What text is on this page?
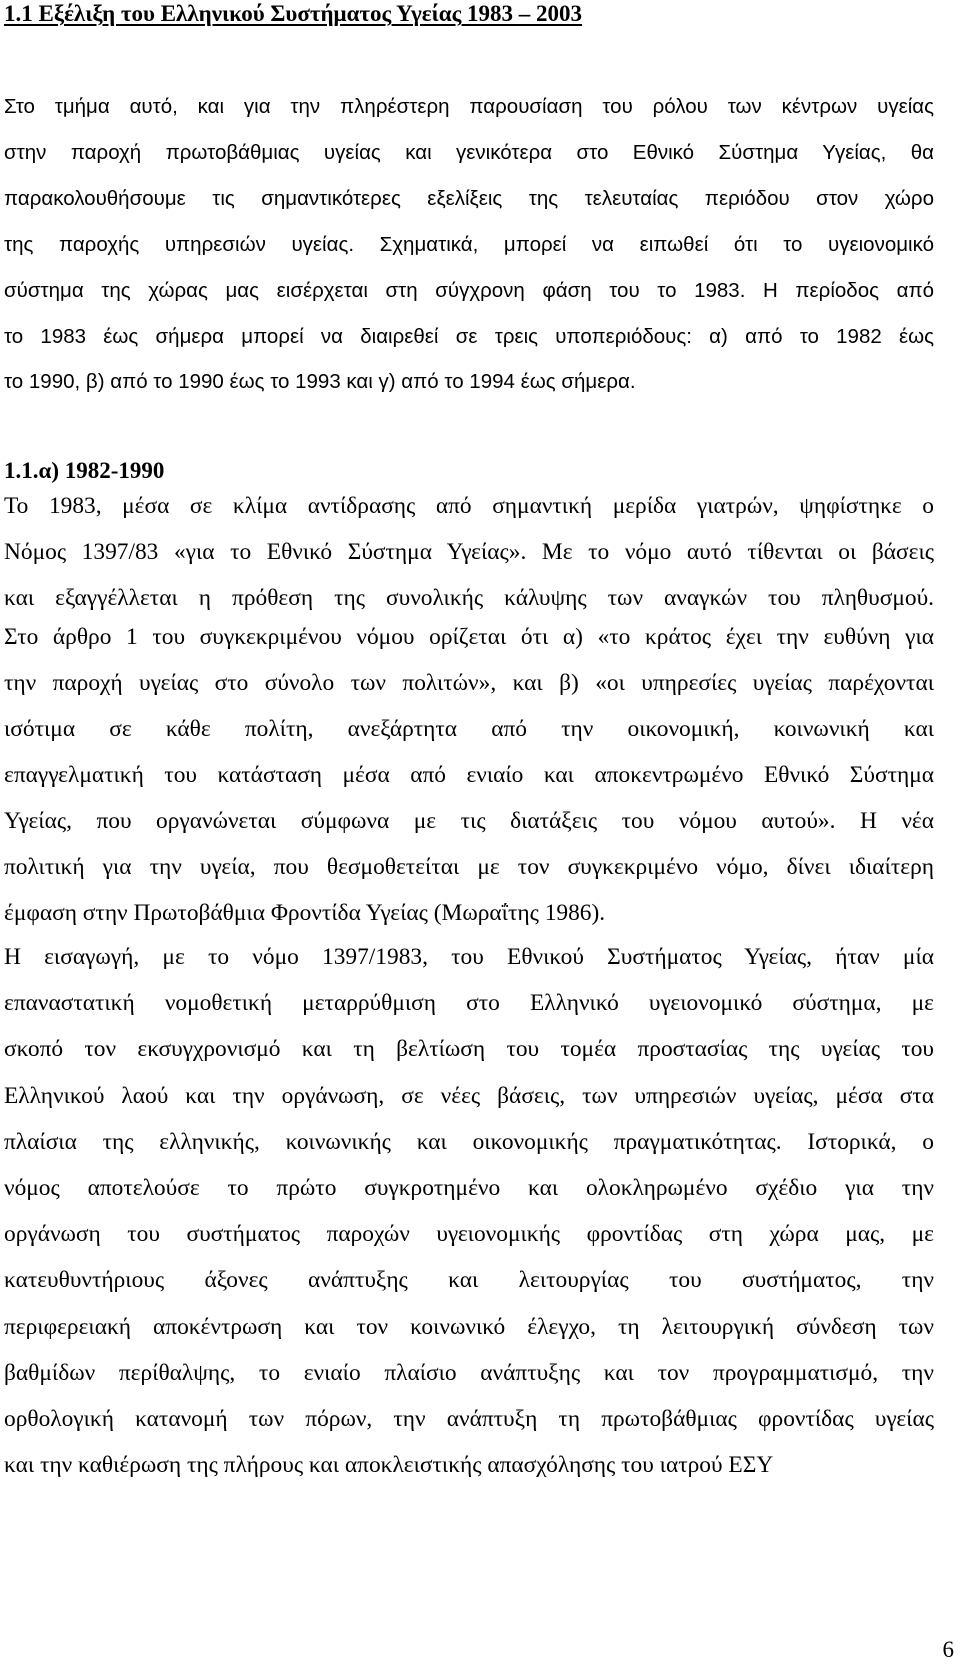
1.1 Εξέλιξη του Ελληνικού Συστήματος Υγείας 1983 – 2003
Στο τμήμα αυτό, και για την πληρέστερη παρουσίαση του ρόλου των κέντρων υγείας
στην παροχή πρωτοβάθμιας υγείας και γενικότερα στο Εθνικό Σύστημα Υγείας, θα
παρακολουθήσουμε τις σημαντικότερες εξελίξεις της τελευταίας περιόδου στον χώρο
της παροχής υπηρεσιών υγείας. Σχηματικά, μπορεί να ειπωθεί ότι το υγειονομικό
σύστημα της χώρας μας εισέρχεται στη σύγχρονη φάση του το 1983. Η περίοδος από
το 1983 έως σήμερα μπορεί να διαιρεθεί σε τρεις υποπεριόδους: α) από το 1982 έως
το 1990, β) από το 1990 έως το 1993 και γ) από το 1994 έως σήμερα.
1.1.α) 1982-1990
Το 1983, μέσα σε κλίμα αντίδρασης από σημαντική μερίδα γιατρών, ψηφίστηκε ο
Νόμος 1397/83 «για το Εθνικό Σύστημα Υγείας». Με το νόμο αυτό τίθενται οι βάσεις
και εξαγγέλλεται η πρόθεση της συνολικής κάλυψης των αναγκών του πληθυσμού.
Στο άρθρο 1 του συγκεκριμένου νόμου ορίζεται ότι α) «το κράτος έχει την ευθύνη για
την παροχή υγείας στο σύνολο των πολιτών», και β) «οι υπηρεσίες υγείας παρέχονται
ισότιμα σε κάθε πολίτη, ανεξάρτητα από την οικονομική, κοινωνική και
επαγγελματική του κατάσταση μέσα από ενιαίο και αποκεντρωμένο Εθνικό Σύστημα
Υγείας, που οργανώνεται σύμφωνα με τις διατάξεις του νόμου αυτού». Η νέα
πολιτική για την υγεία, που θεσμοθετείται με τον συγκεκριμένο νόμο, δίνει ιδιαίτερη
έμφαση στην Πρωτοβάθμια Φροντίδα Υγείας (Μωραΐτης 1986).
Η εισαγωγή, με το νόμο 1397/1983, του Εθνικού Συστήματος Υγείας, ήταν μία
επαναστατική νομοθετική μεταρρύθμιση στο Ελληνικό υγειονομικό σύστημα, με
σκοπό τον εκσυγχρονισμό και τη βελτίωση του τομέα προστασίας της υγείας του
Ελληνικού λαού και την οργάνωση, σε νέες βάσεις, των υπηρεσιών υγείας, μέσα στα
πλαίσια της ελληνικής, κοινωνικής και οικονομικής πραγματικότητας. Ιστορικά, ο
νόμος αποτελούσε το πρώτο συγκροτημένο και ολοκληρωμένο σχέδιο για την
οργάνωση του συστήματος παροχών υγειονομικής φροντίδας στη χώρα μας, με
κατευθυντήριους άξονες ανάπτυξης και λειτουργίας του συστήματος, την
περιφερειακή αποκέντρωση και τον κοινωνικό έλεγχο, τη λειτουργική σύνδεση των
βαθμίδων περίθαλψης, το ενιαίο πλαίσιο ανάπτυξης και τον προγραμματισμό, την
ορθολογική κατανομή των πόρων, την ανάπτυξη τη πρωτοβάθμιας φροντίδας υγείας
και την καθιέρωση της πλήρους και αποκλειστικής απασχόλησης του ιατρού ΕΣΥ
6
